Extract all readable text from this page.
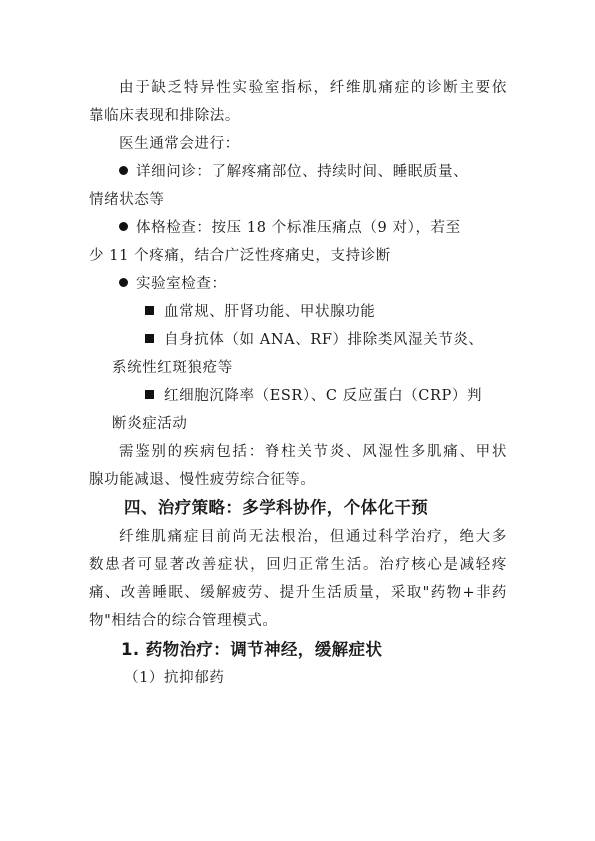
由于缺乏特异性实验室指标，纤维肌痛症的诊断主要依
靠临床表现和排除法。
医生通常会进行：
详细问诊：了解疼痛部位、持续时间、睡眠质量、
情绪状态等
体格检查：按压 18 个标准压痛点（9 对），若至
少 11 个疼痛，结合广泛性疼痛史，支持诊断
实验室检查：
血常规、肝肾功能、甲状腺功能
自身抗体（如 ANA、RF）排除类风湿关节炎、
系统性红斑狼疮等
红细胞沉降率（ESR）、C 反应蛋白（CRP）判
断炎症活动
需鉴别的疾病包括：脊柱关节炎、风湿性多肌痛、甲状
腺功能减退、慢性疲劳综合征等。
四、治疗策略：多学科协作，个体化干预
纤维肌痛症目前尚无法根治，但通过科学治疗，绝大多
数患者可显著改善症状，回归正常生活。治疗核心是减轻疼
痛、改善睡眠、缓解疲劳、提升生活质量，采取"药物+非药
物"相结合的综合管理模式。
1. 药物治疗：调节神经，缓解症状
（1）抗抑郁药
